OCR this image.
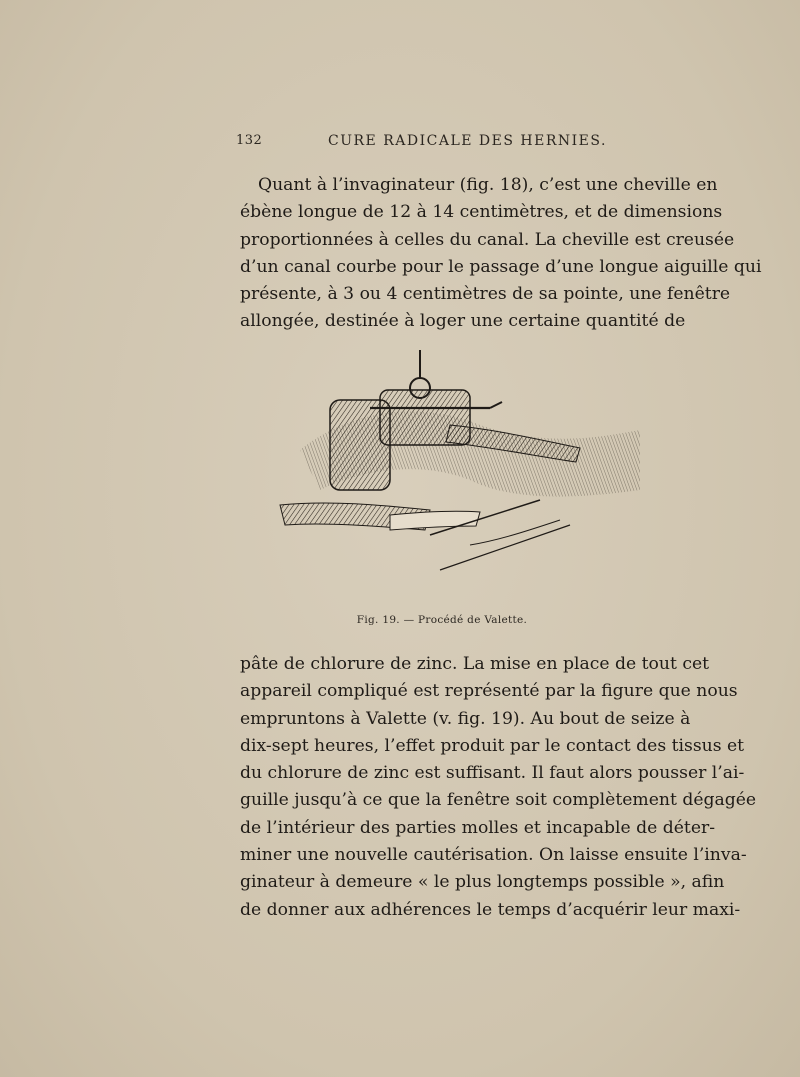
132	CURE RADICALE DES HERNIES.
Quant à l’invaginateur (fig. 18), c’est une cheville en
ébène longue de 12 à 14 centimètres, et de dimensions
proportionnées à celles du canal. La cheville est creusée
d’un canal courbe pour le passage d’une longue aiguille qui
présente, à 3 ou 4 centimètres de sa pointe, une fenêtre
allongée, destinée à loger une certaine quantité de
Fig. 19. — Procédé de Valette.
pâte de chlorure de zinc. La mise en place de tout cet
appareil compliqué est représenté par la figure que nous
empruntons à Valette (v. fig. 19). Au bout de seize à
dix-sept heures, l’effet produit par le contact des tissus et
du chlorure de zinc est suffisant. Il faut alors pousser l’ai-
guille jusqu’à ce que la fenêtre soit complètement dégagée
de l’intérieur des parties molles et incapable de déter-
miner une nouvelle cautérisation. On laisse ensuite l’inva-
ginateur à demeure « le plus longtemps possible », afin
de donner aux adhérences le temps d’acquérir leur maxi-
